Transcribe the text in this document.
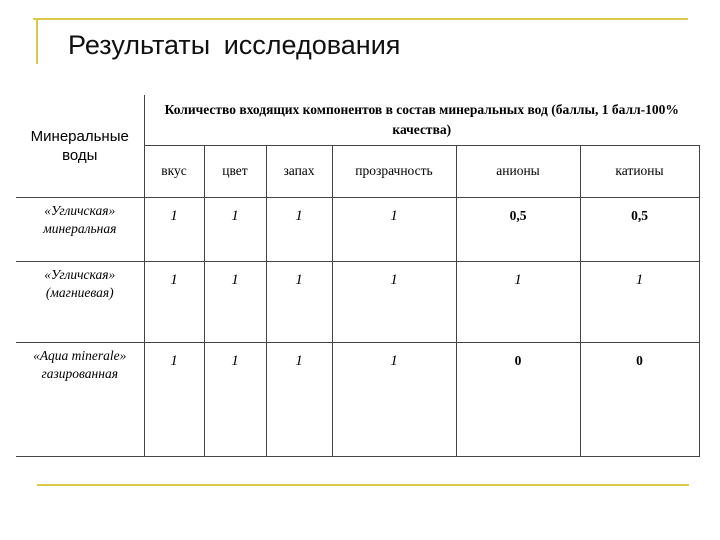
Результаты исследования
Минеральные воды	Количество входящих компонентов в состав минеральных вод (баллы, 1 балл-100% качества)					
	вкус	цвет	запах	прозрачность	анионы	катионы
«Угличская» минеральная	1	1	1	1	0,5	0,5
«Угличская» (магниевая)	1	1	1	1	1	1
«Aqua minerale» газированная	1	1	1	1	0	0
